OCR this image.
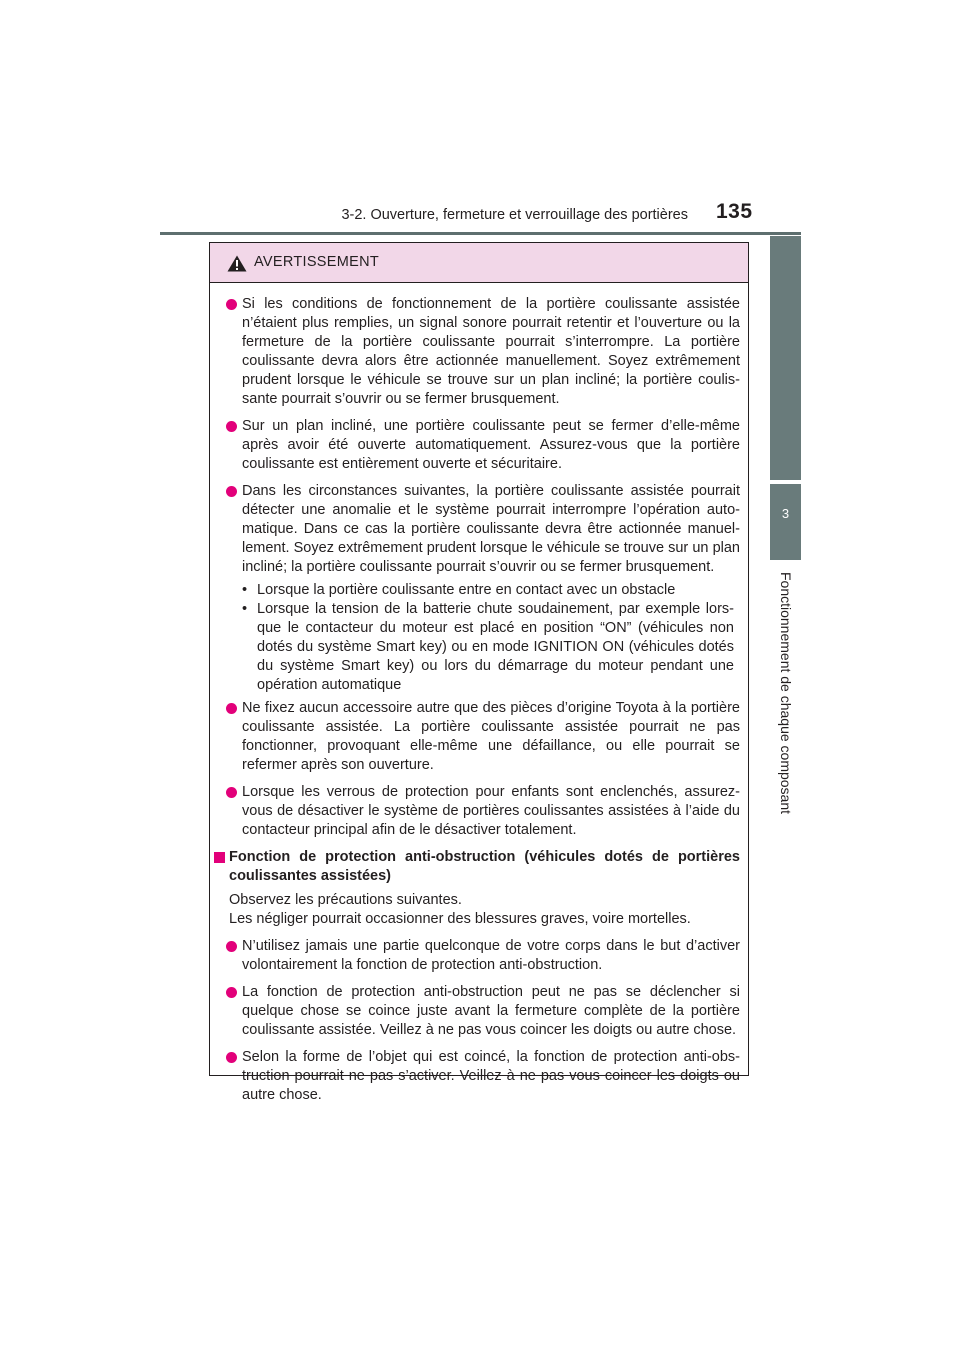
3-2. Ouverture, fermeture et verrouillage des portières 135
3
Fonctionnement de chaque composant
AVERTISSEMENT
Si les conditions de fonctionnement de la portière coulissante assistée n’étaient plus remplies, un signal sonore pourrait retentir et l’ouverture ou la fermeture de la portière coulissante pourrait s’interrompre. La portière coulissante devra alors être actionnée manuellement. Soyez extrêmement prudent lorsque le véhicule se trouve sur un plan incliné; la portière coulissante pourrait s’ouvrir ou se fermer brusquement.
Sur un plan incliné, une portière coulissante peut se fermer d’elle-même après avoir été ouverte automatiquement. Assurez-vous que la portière coulissante est entièrement ouverte et sécuritaire.
Dans les circonstances suivantes, la portière coulissante assistée pourrait détecter une anomalie et le système pourrait interrompre l’opération automatique. Dans ce cas la portière coulissante devra être actionnée manuellement. Soyez extrêmement prudent lorsque le véhicule se trouve sur un plan incliné; la portière coulissante pourrait s’ouvrir ou se fermer brusquement.
• Lorsque la portière coulissante entre en contact avec un obstacle
• Lorsque la tension de la batterie chute soudainement, par exemple lorsque le contacteur du moteur est placé en position “ON” (véhicules non dotés du système Smart key) ou en mode IGNITION ON (véhicules dotés du système Smart key) ou lors du démarrage du moteur pendant une opération automatique
Ne fixez aucun accessoire autre que des pièces d’origine Toyota à la portière coulissante assistée. La portière coulissante assistée pourrait ne pas fonctionner, provoquant elle-même une défaillance, ou elle pourrait se refermer après son ouverture.
Lorsque les verrous de protection pour enfants sont enclenchés, assurez-vous de désactiver le système de portières coulissantes assistées à l’aide du contacteur principal afin de le désactiver totalement.
Fonction de protection anti-obstruction (véhicules dotés de portières coulissantes assistées)
Observez les précautions suivantes.
Les négliger pourrait occasionner des blessures graves, voire mortelles.
N’utilisez jamais une partie quelconque de votre corps dans le but d’activer volontairement la fonction de protection anti-obstruction.
La fonction de protection anti-obstruction peut ne pas se déclencher si quelque chose se coince juste avant la fermeture complète de la portière coulissante assistée. Veillez à ne pas vous coincer les doigts ou autre chose.
Selon la forme de l’objet qui est coincé, la fonction de protection anti-obstruction pourrait ne pas s’activer. Veillez à ne pas vous coincer les doigts ou autre chose.
